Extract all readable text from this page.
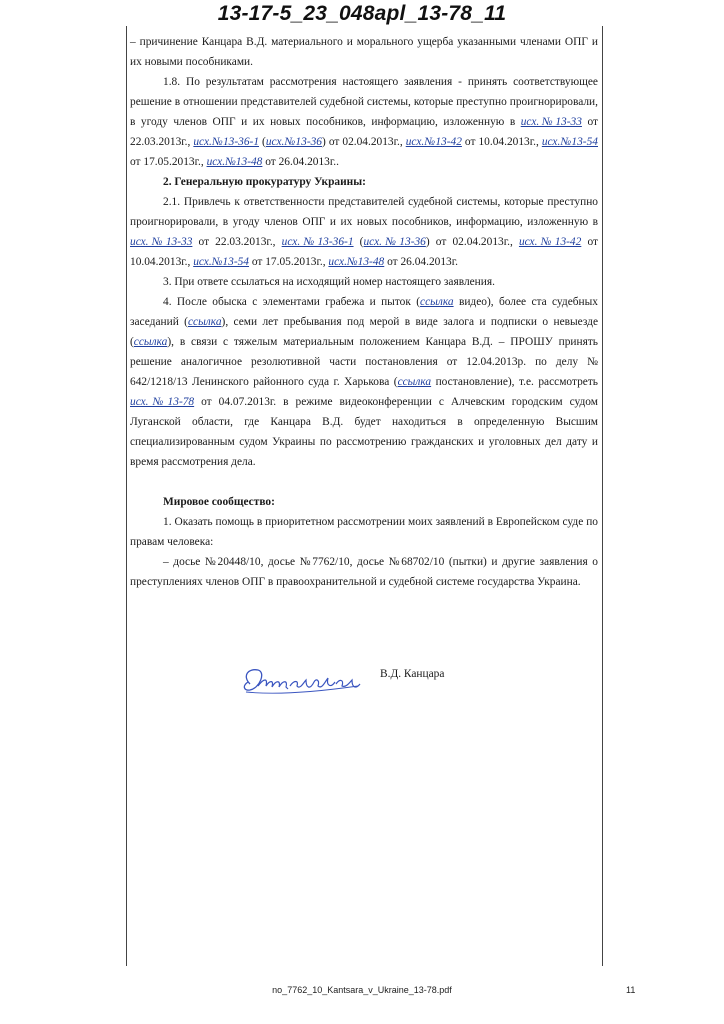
13-17-5_23_048apl_13-78_11

– причинение Канцара В.Д. материального и морального ущерба указанными членами ОПГ и их новыми пособниками.

1.8. По результатам рассмотрения настоящего заявления - принять соответствующее решение в отношении представителей судебной системы, которые преступно проигнорировали, в угоду членов ОПГ и их новых пособников, информацию, изложенную в исх.№13-33 от 22.03.2013г., исх.№13-36-1 (исх.№13-36) от 02.04.2013г., исх.№13-42 от 10.04.2013г., исх.№13-54 от 17.05.2013г., исх.№13-48 от 26.04.2013г..

2. Генеральную прокуратуру Украины:

2.1. Привлечь к ответственности представителей судебной системы, которые преступно проигнорировали, в угоду членов ОПГ и их новых пособников, информацию, изложенную в исх.№13-33 от 22.03.2013г., исх.№13-36-1 (исх.№13-36) от 02.04.2013г., исх.№13-42 от 10.04.2013г., исх.№13-54 от 17.05.2013г., исх.№13-48 от 26.04.2013г.

3. При ответе ссылаться на исходящий номер настоящего заявления.

4. После обыска с элементами грабежа и пыток (ссылка видео), более ста судебных заседаний (ссылка), семи лет пребывания под мерой в виде залога и подписки о невыезде (ссылка), в связи с тяжелым материальным положением Канцара В.Д. – ПРОШУ принять решение аналогичное резолютивной части постановления от 12.04.2013р. по делу № 642/1218/13 Ленинского районного суда г. Харькова (ссылка постановление), т.е. рассмотреть исх.№13-78 от 04.07.2013г. в режиме видеоконференции с Алчевским городским судом Луганской области, где Канцара В.Д. будет находиться в определенную Высшим специализированным судом Украины по рассмотрению гражданских и уголовных дел дату и время рассмотрения дела.

Мировое сообщество:

1. Оказать помощь в приоритетном рассмотрении моих заявлений в Европейском суде по правам человека:

– досье №20448/10, досье №7762/10, досье №68702/10 (пытки) и другие заявления о преступлениях членов ОПГ в правоохранительной и судебной системе государства Украина.

В.Д. Канцара
no_7762_10_Kantsara_v_Ukraine_13-78.pdf	11
